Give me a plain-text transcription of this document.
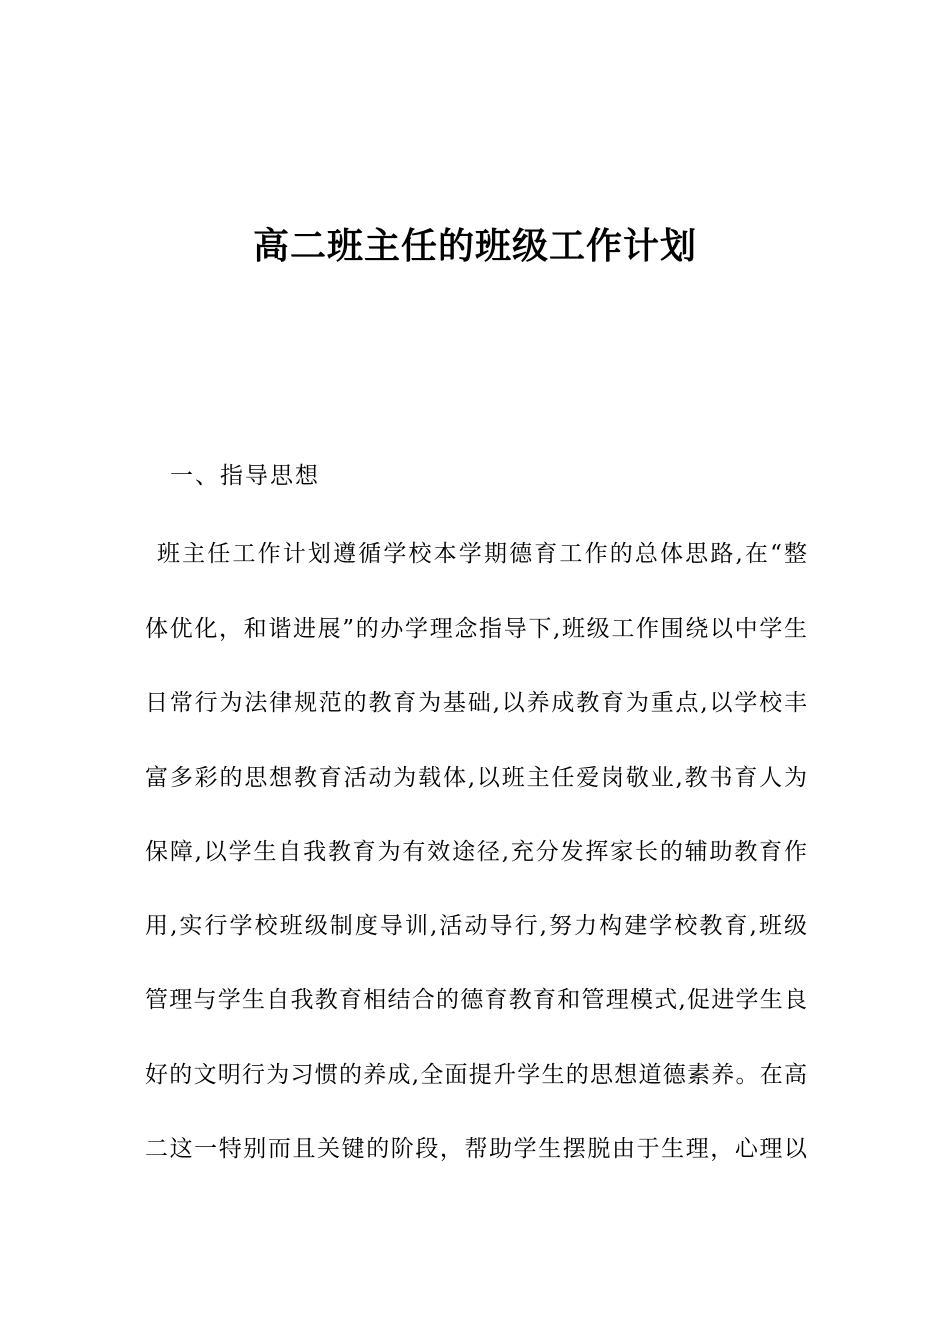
高二班主任的班级工作计划
一、指导思想

班主任工作计划遵循学校本学期德育工作的总体思路,在“整

体优化，和谐进展”的办学理念指导下,班级工作围绕以中学生

日常行为法律规范的教育为基础,以养成教育为重点,以学校丰

富多彩的思想教育活动为载体,以班主任爱岗敬业,教书育人为

保障,以学生自我教育为有效途径,充分发挥家长的辅助教育作

用,实行学校班级制度导训,活动导行,努力构建学校教育,班级

管理与学生自我教育相结合的德育教育和管理模式,促进学生良

好的文明行为习惯的养成,全面提升学生的思想道德素养。在高

二这一特别而且关键的阶段，帮助学生摆脱由于生理，心理以
